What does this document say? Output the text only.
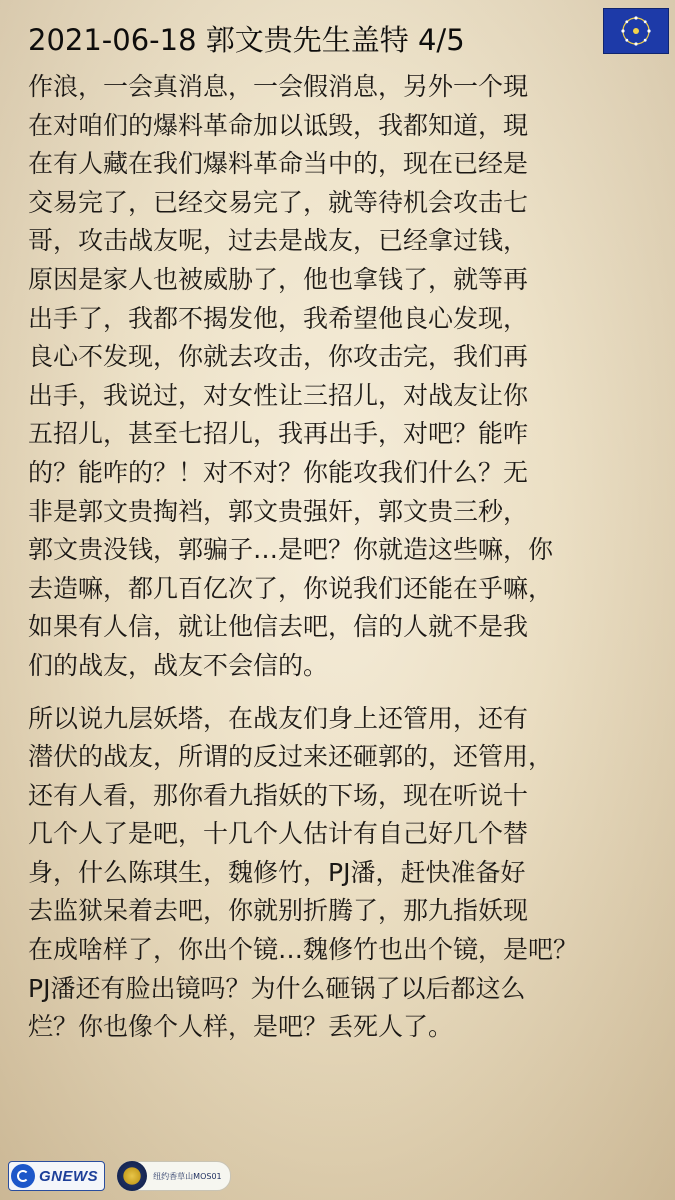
2021-06-18 郭文贵先生盖特 4/5

作浪，一会真消息，一会假消息，另外一个現
在对咱们的爆料革命加以诋毁，我都知道，現
在有人藏在我们爆料革命当中的，现在已经是
交易完了，已经交易完了，就等待机会攻击七
哥，攻击战友呢，过去是战友，已经拿过钱，
原因是家人也被威胁了，他也拿钱了，就等再
出手了，我都不揭发他，我希望他良心发现，
良心不发现，你就去攻击，你攻击完，我们再
出手，我说过，对女性让三招儿，对战友让你
五招儿，甚至七招儿，我再出手，对吧？能咋
的？能咋的？！对不对？你能攻我们什么？无
非是郭文贵掏裆，郭文贵强奸，郭文贵三秒，
郭文贵没钱，郭骗子…是吧？你就造这些嘛，你
去造嘛，都几百亿次了，你说我们还能在乎嘛，
如果有人信，就让他信去吧，信的人就不是我
们的战友，战友不会信的。

所以说九层妖塔，在战友们身上还管用，还有
潜伏的战友，所谓的反过来还砸郭的，还管用，
还有人看，那你看九指妖的下场，现在听说十
几个人了是吧，十几个人估计有自己好几个替
身，什么陈琪生，魏修竹，PJ潘，赶快准备好
去监狱呆着去吧，你就别折腾了，那九指妖现
在成啥样了，你出个镜…魏修竹也出个镜，是吧？
PJ潘还有脸出镜吗？为什么砸锅了以后都这么
烂？你也像个人样，是吧？丢死人了。

GNEWS	纽约香草山MOS01
